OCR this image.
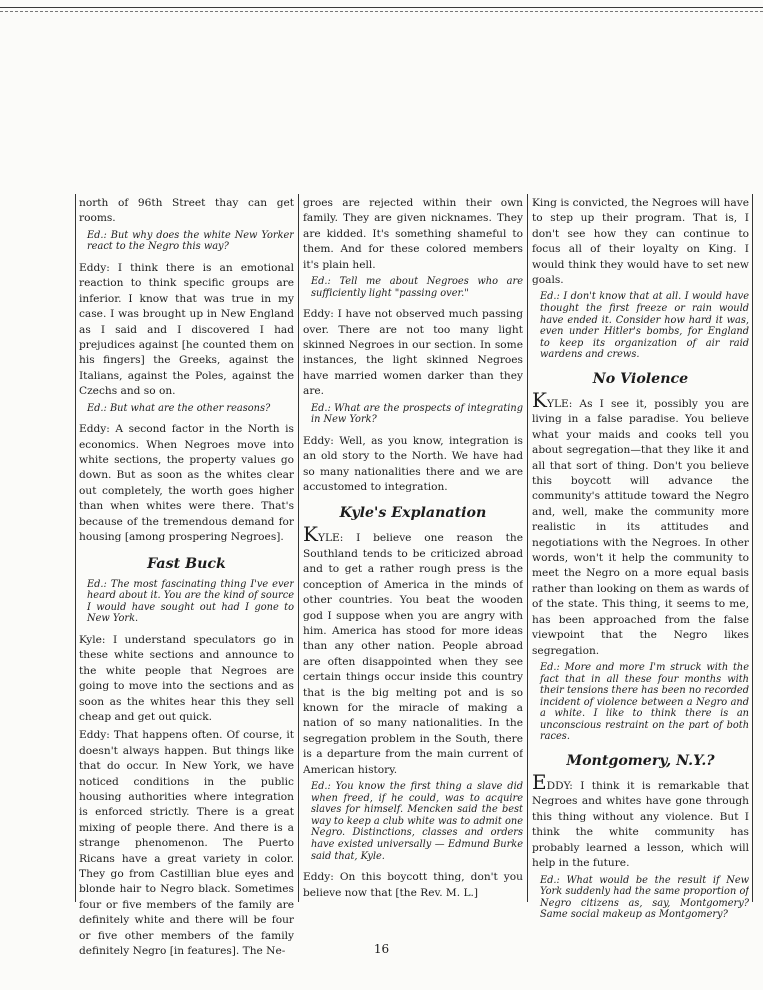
north of 96th Street thay can get rooms.

Ed.: But why does the white New Yorker react to the Negro this way?

Eddy: I think there is an emotional reaction to think specific groups are inferior. I know that was true in my case. I was brought up in New England as I said and I discovered I had prejudices against [he counted them on his fingers] the Greeks, against the Italians, against the Poles, against the Czechs and so on.

Ed.: But what are the other reasons?

Eddy: A second factor in the North is economics. When Negroes move into white sections, the property values go down. But as soon as the whites clear out completely, the worth goes higher than when whites were there. That's because of the tremendous demand for housing [among prospering Negroes].

Fast Buck

Ed.: The most fascinating thing I've ever heard about it. You are the kind of source I would have sought out had I gone to New York.

Kyle: I understand speculators go in these white sections and announce to the white people that Negroes are going to move into the sections and as soon as the whites hear this they sell cheap and get out quick.

Eddy: That happens often. Of course, it doesn't always happen. But things like that do occur. In New York, we have noticed conditions in the public housing authorities where integration is enforced strictly. There is a great mixing of people there. And there is a strange phenomenon. The Puerto Ricans have a great variety in color. They go from Castillian blue eyes and blonde hair to Negro black. Sometimes four or five members of the family are definitely white and there will be four or five other members of the family definitely Negro [in features]. The Ne-

groes are rejected within their own family. They are given nicknames. They are kidded. It's something shameful to them. And for these colored members it's plain hell.

Ed.: Tell me about Negroes who are sufficiently light "passing over."

Eddy: I have not observed much passing over. There are not too many light skinned Negroes in our section. In some instances, the light skinned Negroes have married women darker than they are.

Ed.: What are the prospects of integrating in New York?

Eddy: Well, as you know, integration is an old story to the North. We have had so many nationalities there and we are accustomed to integration.

Kyle's Explanation

KYLE: I believe one reason the Southland tends to be criticized abroad and to get a rather rough press is the conception of America in the minds of other countries. You beat the wooden god I suppose when you are angry with him. America has stood for more ideas than any other nation. People abroad are often disappointed when they see certain things occur inside this country that is the big melting pot and is so known for the miracle of making a nation of so many nationalities. In the segregation problem in the South, there is a departure from the main current of American history.

Ed.: You know the first thing a slave did when freed, if he could, was to acquire slaves for himself. Mencken said the best way to keep a club white was to admit one Negro. Distinctions, classes and orders have existed universally — Edmund Burke said that, Kyle.

Eddy: On this boycott thing, don't you believe now that [the Rev. M. L.]

King is convicted, the Negroes will have to step up their program. That is, I don't see how they can continue to focus all of their loyalty on King. I would think they would have to set new goals.

Ed.: I don't know that at all. I would have thought the first freeze or rain would have ended it. Consider how hard it was, even under Hitler's bombs, for England to keep its organization of air raid wardens and crews.

No Violence

KYLE: As I see it, possibly you are living in a false paradise. You believe what your maids and cooks tell you about segregation—that they like it and all that sort of thing. Don't you believe this boycott will advance the community's attitude toward the Negro and, well, make the community more realistic in its attitudes and negotiations with the Negroes. In other words, won't it help the community to meet the Negro on a more equal basis rather than looking on them as wards of of the state. This thing, it seems to me, has been approached from the false viewpoint that the Negro likes segregation.

Ed.: More and more I'm struck with the fact that in all these four months with their tensions there has been no recorded incident of violence between a Negro and a white. I like to think there is an unconscious restraint on the part of both races.

Montgomery, N.Y.?

EDDY: I think it is remarkable that Negroes and whites have gone through this thing without any violence. But I think the white community has probably learned a lesson, which will help in the future.

Ed.: What would be the result if New York suddenly had the same proportion of Negro citizens as, say, Montgomery? Same social makeup as Montgomery?

16
